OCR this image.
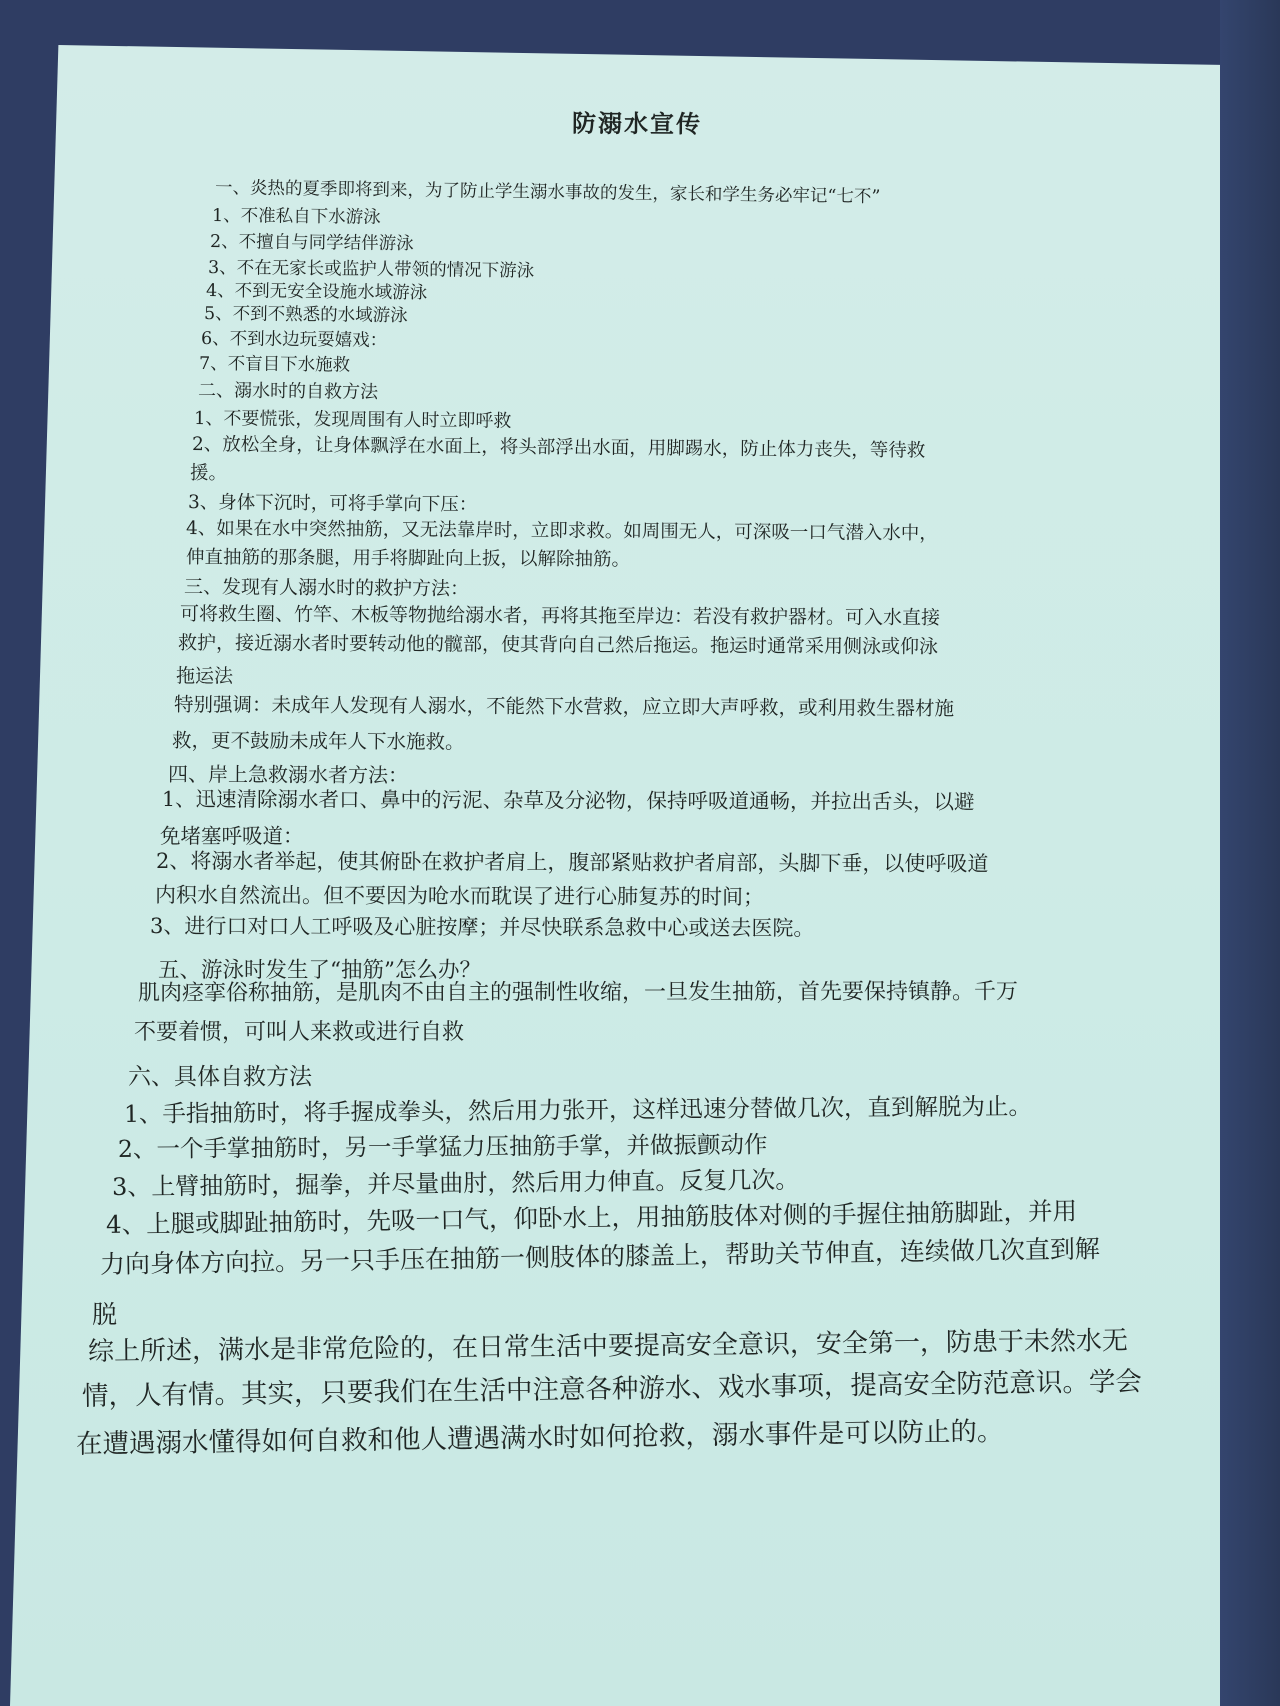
防溺水宣传
一、炎热的夏季即将到来，为了防止学生溺水事故的发生，家长和学生务必牢记“七不”
1、不准私自下水游泳
2、不擅自与同学结伴游泳
3、不在无家长或监护人带领的情况下游泳
4、不到无安全设施水域游泳
5、不到不熟悉的水域游泳
6、不到水边玩耍嬉戏：
7、不盲目下水施救
二、溺水时的自救方法
1、不要慌张，发现周围有人时立即呼救
2、放松全身，让身体飘浮在水面上，将头部浮出水面，用脚踢水，防止体力丧失，等待救
援。
3、身体下沉时，可将手掌向下压：
4、如果在水中突然抽筋，又无法靠岸时，立即求救。如周围无人，可深吸一口气潜入水中，
伸直抽筋的那条腿，用手将脚趾向上扳，以解除抽筋。
三、发现有人溺水时的救护方法：
可将救生圈、竹竿、木板等物抛给溺水者，再将其拖至岸边：若没有救护器材。可入水直接
救护，接近溺水者时要转动他的髋部，使其背向自己然后拖运。拖运时通常采用侧泳或仰泳
拖运法
特别强调：未成年人发现有人溺水，不能然下水营救，应立即大声呼救，或利用救生器材施
救，更不鼓励未成年人下水施救。
四、岸上急救溺水者方法：
1、迅速清除溺水者口、鼻中的污泥、杂草及分泌物，保持呼吸道通畅，并拉出舌头，以避
免堵塞呼吸道：
2、将溺水者举起，使其俯卧在救护者肩上，腹部紧贴救护者肩部，头脚下垂，以使呼吸道
内积水自然流出。但不要因为呛水而耽误了进行心肺复苏的时间；
3、进行口对口人工呼吸及心脏按摩；并尽快联系急救中心或送去医院。
五、游泳时发生了“抽筋”怎么办？
肌肉痉挛俗称抽筋，是肌肉不由自主的强制性收缩，一旦发生抽筋，首先要保持镇静。千万
不要着惯，可叫人来救或进行自救
六、具体自救方法
1、手指抽筋时，将手握成拳头，然后用力张开，这样迅速分替做几次，直到解脱为止。
2、一个手掌抽筋时，另一手掌猛力压抽筋手掌，并做振颤动作
3、上臂抽筋时，掘拳，并尽量曲肘，然后用力伸直。反复几次。
4、上腿或脚趾抽筋时，先吸一口气，仰卧水上，用抽筋肢体对侧的手握住抽筋脚趾，并用
力向身体方向拉。另一只手压在抽筋一侧肢体的膝盖上，帮助关节伸直，连续做几次直到解
脱
综上所述，满水是非常危险的，在日常生活中要提高安全意识，安全第一，防患于未然水无
情，人有情。其实，只要我们在生活中注意各种游水、戏水事项，提高安全防范意识。学会
在遭遇溺水懂得如何自救和他人遭遇满水时如何抢救，溺水事件是可以防止的。
